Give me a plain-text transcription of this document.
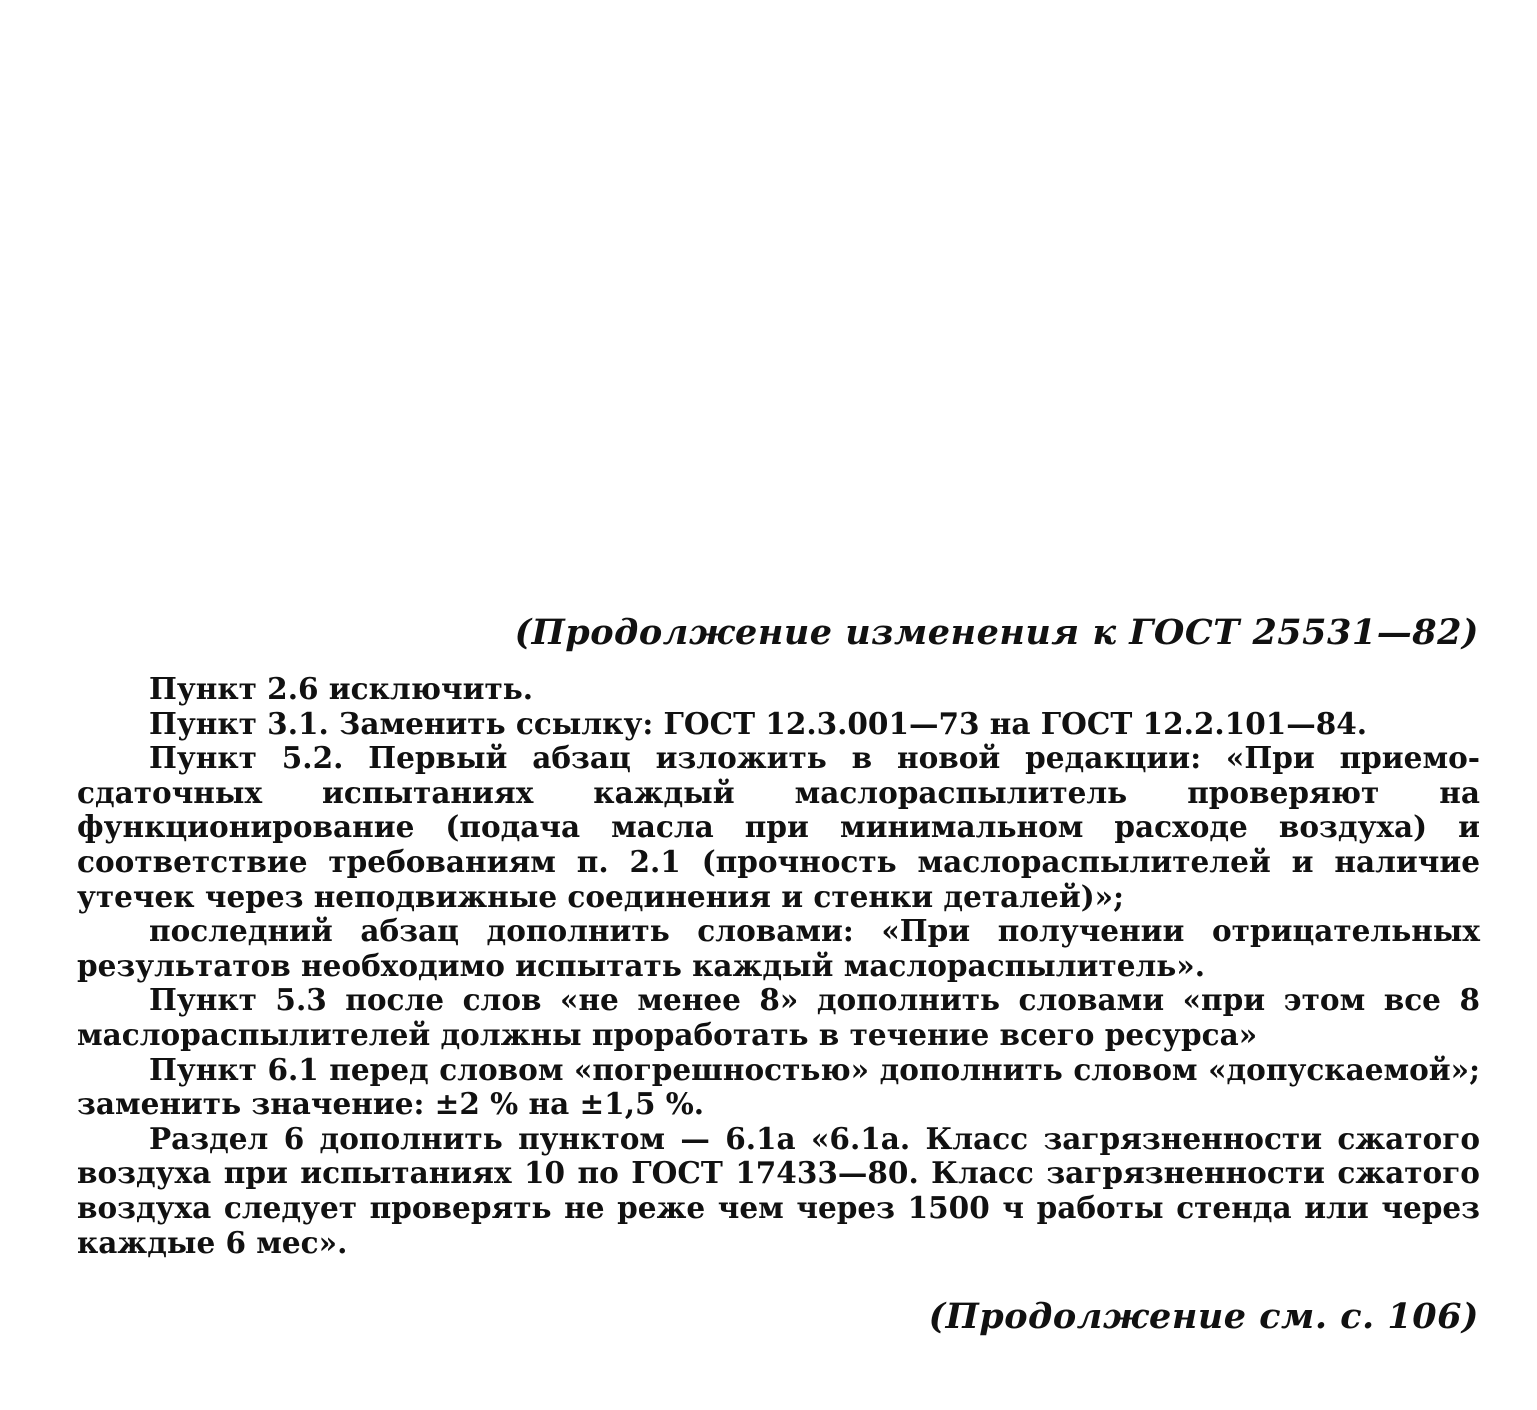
(Продолжение изменения к ГОСТ 25531—82)

Пункт 2.6 исключить.

Пункт 3.1. Заменить ссылку: ГОСТ 12.3.001—73 на ГОСТ 12.2.101—84.

Пункт 5.2. Первый абзац изложить в новой редакции: «При приемо-сдаточных испытаниях каждый маслораспылитель проверяют на функционирование (подача масла при минимальном расходе воздуха) и соответствие требованиям п. 2.1 (прочность маслораспылителей и наличие утечек через неподвижные соединения и стенки деталей)»;

последний абзац дополнить словами: «При получении отрицательных результатов необходимо испытать каждый маслораспылитель».

Пункт 5.3 после слов «не менее 8» дополнить словами «при этом все 8 маслораспылителей должны проработать в течение всего ресурса»

Пункт 6.1 перед словом «погрешностью» дополнить словом «допускаемой»; заменить значение: ±2 % на ±1,5 %.

Раздел 6 дополнить пунктом — 6.1а «6.1а. Класс загрязненности сжатого воздуха при испытаниях 10 по ГОСТ 17433—80. Класс загрязненности сжатого воздуха следует проверять не реже чем через 1500 ч работы стенда или через каждые 6 мес».

(Продолжение см. с. 106)
